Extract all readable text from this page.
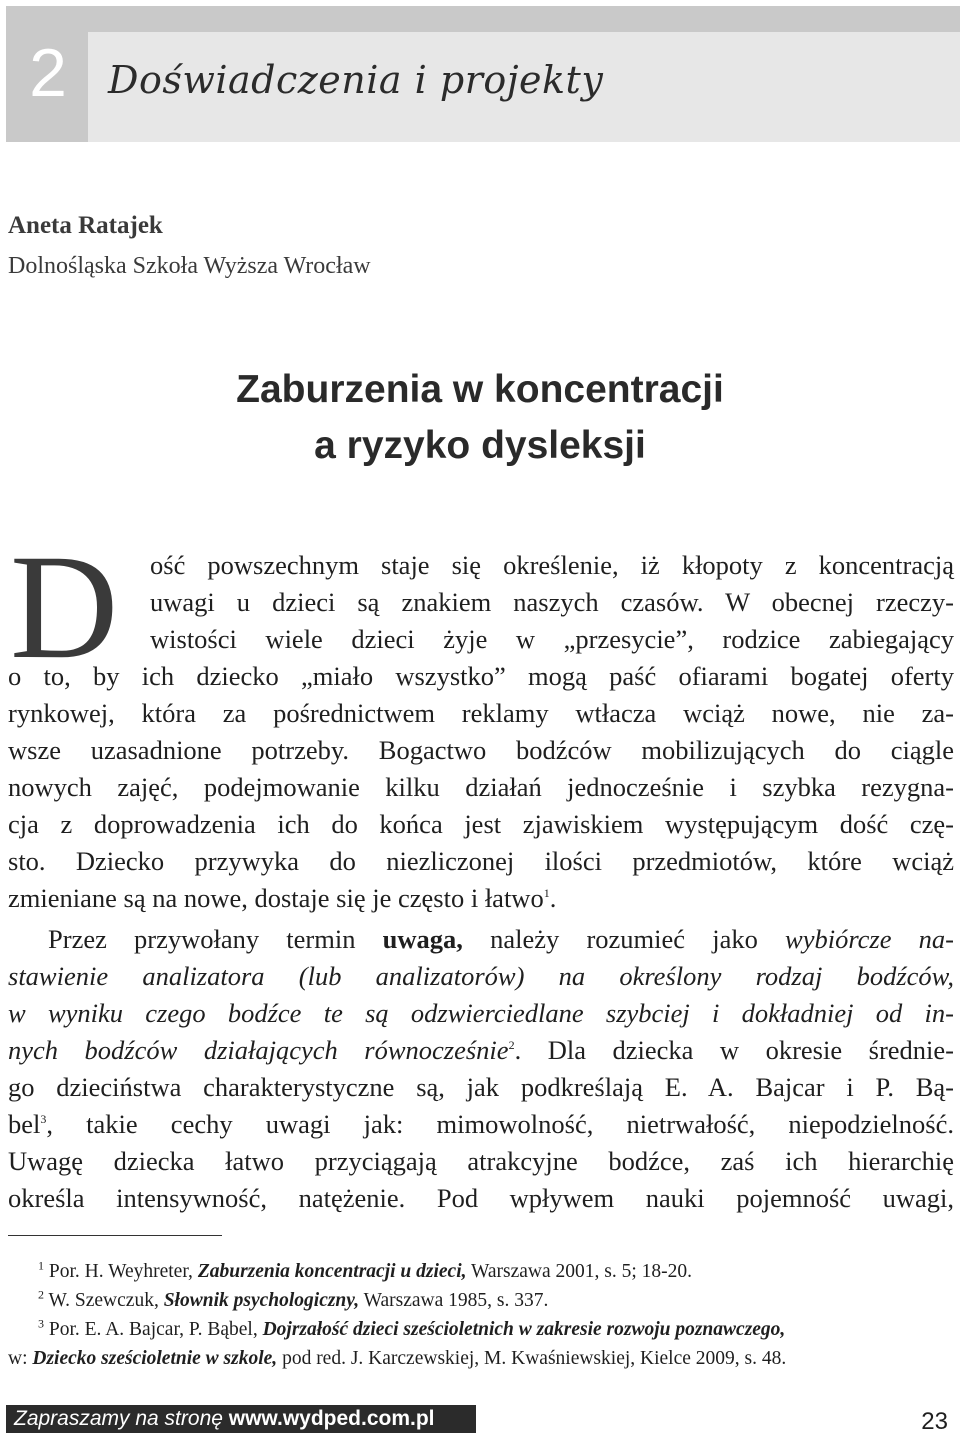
2	Doświadczenia i projekty
Aneta Ratajek
Dolnośląska Szkoła Wyższa Wrocław
Zaburzenia w koncentracji
a ryzyko dysleksji
D ość powszechnym staje się określenie, iż kłopoty z koncentracją
uwagi u dzieci są znakiem naszych czasów. W obecnej rzeczy-
wistości wiele dzieci żyje w „przesycie”, rodzice zabiegający
o to, by ich dziecko „miało wszystko” mogą paść ofiarami bogatej oferty
rynkowej, która za pośrednictwem reklamy wtłacza wciąż nowe, nie za-
wsze uzasadnione potrzeby. Bogactwo bodźców mobilizujących do ciągle
nowych zajęć, podejmowanie kilku działań jednocześnie i szybka rezygna-
cja z doprowadzenia ich do końca jest zjawiskiem występującym dość czę-
sto. Dziecko przywyka do niezliczonej ilości przedmiotów, które wciąż
zmieniane są na nowe, dostaje się je często i łatwo$^1$.
Przez przywołany termin uwaga, należy rozumieć jako wybiórcze na-
stawienie analizatora (lub analizatorów) na określony rodzaj bodźców,
w wyniku czego bodźce te są odzwierciedlane szybciej i dokładniej od in-
nych bodźców działających równocześnie$^2$. Dla dziecka w okresie średnie-
go dzieciństwa charakterystyczne są, jak podkreślają E. A. Bajcar i P. Bą-
bel$^3$, takie cechy uwagi jak: mimowolność, nietrwałość, niepodzielność.
Uwagę dziecka łatwo przyciągają atrakcyjne bodźce, zaś ich hierarchię
określa intensywność, natężenie. Pod wpływem nauki pojemność uwagi,
$^1$ Por. H. Weyhreter, Zaburzenia koncentracji u dzieci, Warszawa 2001, s. 5; 18-20.
$^2$ W. Szewczuk, Słownik psychologiczny, Warszawa 1985, s. 337.
$^3$ Por. E. A. Bajcar, P. Bąbel, Dojrzałość dzieci sześcioletnich w zakresie rozwoju poznawczego,
w: Dziecko sześcioletnie w szkole, pod red. J. Karczewskiej, M. Kwaśniewskiej, Kielce 2009, s. 48.
Zapraszamy na stronę www.wydped.com.pl	23
